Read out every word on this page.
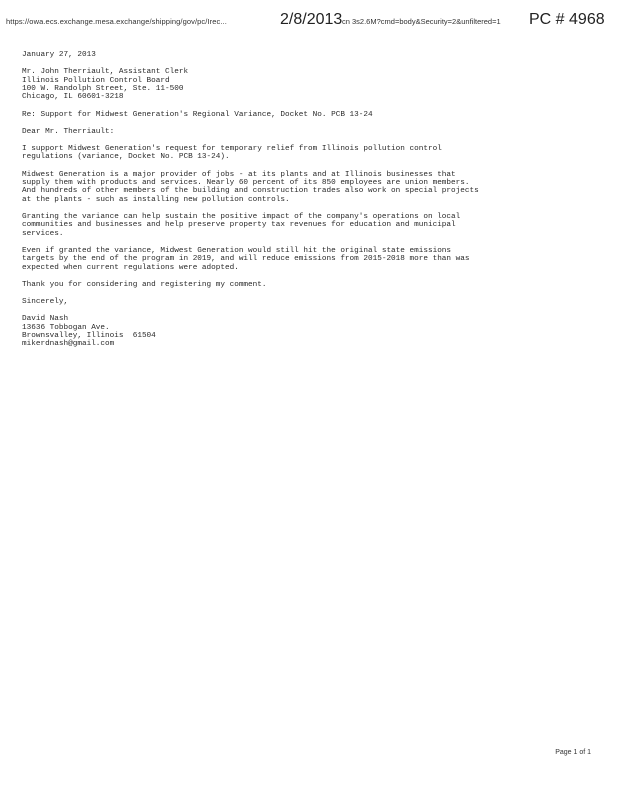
https://owa.ecs.exchange.mesa.exchange/shipping/gov/pc/Irec...	2/8/2013 cn 3s2.6M?cmd=body&Security=2&unfiltered=1 PC # 4968
January 27, 2013
Mr. John Therriault, Assistant Clerk
Illinois Pollution Control Board
100 W. Randolph Street, Ste. 11-500
Chicago, IL 60601-3218
Re: Support for Midwest Generation's Regional Variance, Docket No. PCB 13-24
Dear Mr. Therriault:
I support Midwest Generation's request for temporary relief from Illinois pollution control
regulations (variance, Docket No. PCB 13-24).
Midwest Generation is a major provider of jobs - at its plants and at Illinois businesses that
supply them with products and services. Nearly 60 percent of its 850 employees are union members.
And hundreds of other members of the building and construction trades also work on special projects
at the plants - such as installing new pollution controls.
Granting the variance can help sustain the positive impact of the company's operations on local
communities and businesses and help preserve property tax revenues for education and municipal
services.
Even if granted the variance, Midwest Generation would still hit the original state emissions
targets by the end of the program in 2019, and will reduce emissions from 2015-2018 more than was
expected when current regulations were adopted.
Thank you for considering and registering my comment.
Sincerely,
David Nash
13636 Tobbogan Ave.
Brownsvalley, Illinois  61504
mikerdnash@gmail.com
Page 1 of 1
